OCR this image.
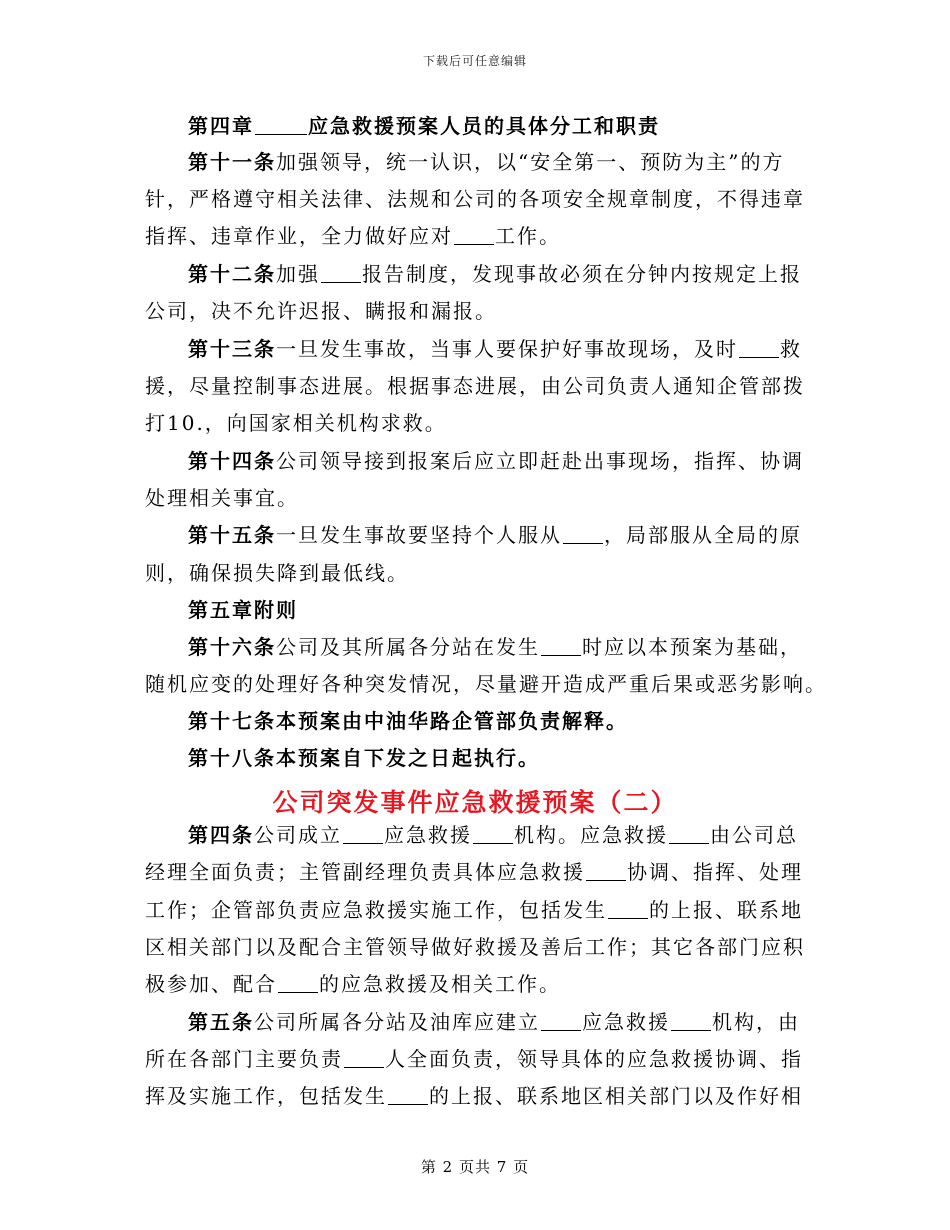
下载后可任意编辑
第四章	应急救援预案人员的具体分工和职责
第十一条加强领导，统一认识，以“安全第一、预防为主”的方
针，严格遵守相关法律、法规和公司的各项安全规章制度，不得违章
指挥、违章作业，全力做好应对 工作。
第十二条加强 报告制度，发现事故必须在分钟内按规定上报
公司，决不允许迟报、瞒报和漏报。
第十三条一旦发生事故，当事人要保护好事故现场，及时 救
援，尽量控制事态进展。根据事态进展，由公司负责人通知企管部拨
打10.，向国家相关机构求救。
第十四条公司领导接到报案后应立即赶赴出事现场，指挥、协调
处理相关事宜。
第十五条一旦发生事故要坚持个人服从 ，局部服从全局的原
则，确保损失降到最低线。
第五章附则
第十六条公司及其所属各分站在发生 时应以本预案为基础，
随机应变的处理好各种突发情况，尽量避开造成严重后果或恶劣影响。
第十七条本预案由中油华路企管部负责解释。
第十八条本预案自下发之日起执行。
公司突发事件应急救援预案（二）
第四条公司成立 应急救援 机构。应急救援 由公司总
经理全面负责；主管副经理负责具体应急救援 协调、指挥、处理
工作；企管部负责应急救援实施工作，包括发生 的上报、联系地
区相关部门以及配合主管领导做好救援及善后工作；其它各部门应积
极参加、配合 的应急救援及相关工作。
第五条公司所属各分站及油库应建立 应急救援 机构，由
所在各部门主要负责 人全面负责，领导具体的应急救援协调、指
挥及实施工作，包括发生 的上报、联系地区相关部门以及作好相
第 2 页共 7 页
